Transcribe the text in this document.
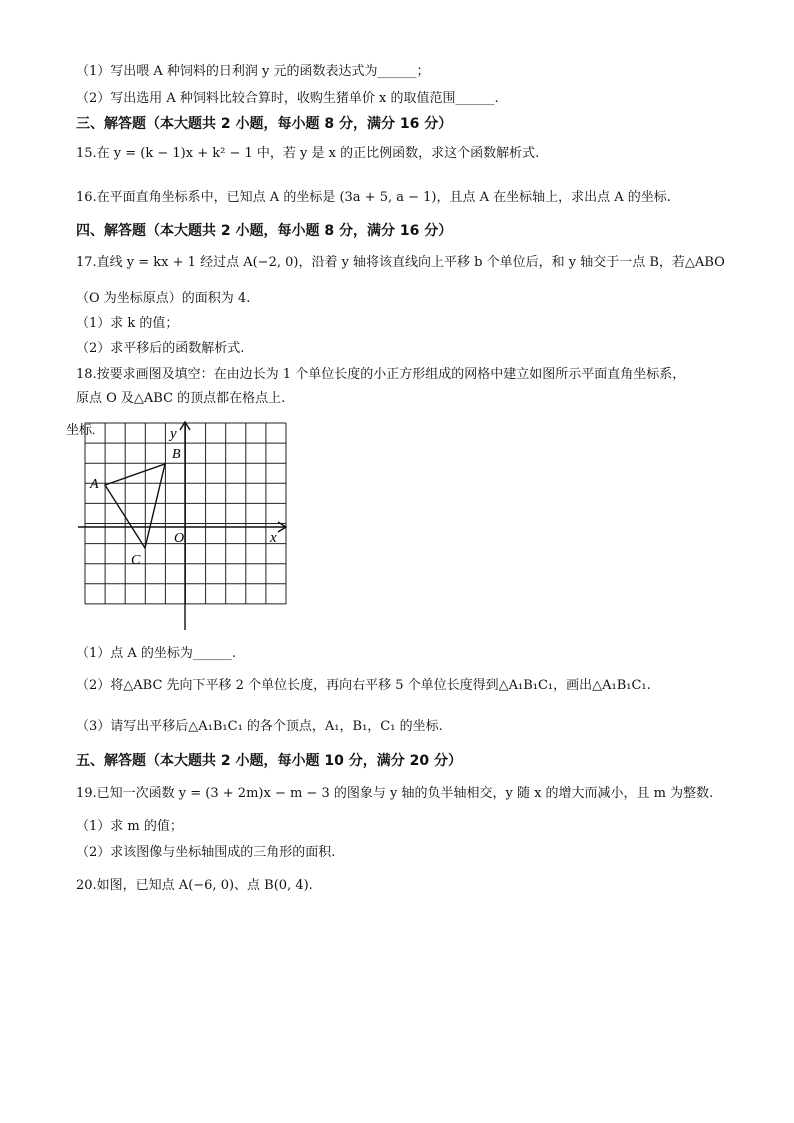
（1）写出喂 A 种饲料的日利润 y 元的函数表达式为______；
（2）写出选用 A 种饲料比较合算时，收购生猪单价 x 的取值范围______.
三、解答题（本大题共 2 小题，每小题 8 分，满分 16 分）
15.在 y = (k − 1)x + k² − 1 中，若 y 是 x 的正比例函数，求这个函数解析式.
16.在平面直角坐标系中，已知点 A 的坐标是 (3a + 5, a − 1)，且点 A 在坐标轴上，求出点 A 的坐标.
四、解答题（本大题共 2 小题，每小题 8 分，满分 16 分）
17.直线 y = kx + 1 经过点 A(−2, 0)，沿着 y 轴将该直线向上平移 b 个单位后，和 y 轴交于一点 B，若△ABO
（O 为坐标原点）的面积为 4.
（1）求 k 的值；
（2）求平移后的函数解析式.
18.按要求画图及填空：在由边长为 1 个单位长度的小正方形组成的网格中建立如图所示平面直角坐标系，
原点 O 及△ABC 的顶点都在格点上.
坐标.	y
x
O
A
B
C
（1）点 A 的坐标为______.
（2）将△ABC 先向下平移 2 个单位长度，再向右平移 5 个单位长度得到△A₁B₁C₁，画出△A₁B₁C₁.
（3）请写出平移后△A₁B₁C₁ 的各个顶点，A₁，B₁，C₁ 的坐标.
五、解答题（本大题共 2 小题，每小题 10 分，满分 20 分）
19.已知一次函数 y = (3 + 2m)x − m − 3 的图象与 y 轴的负半轴相交，y 随 x 的增大而减小，且 m 为整数.
（1）求 m 的值；
（2）求该图像与坐标轴围成的三角形的面积.
20.如图，已知点 A(−6, 0)、点 B(0, 4).
